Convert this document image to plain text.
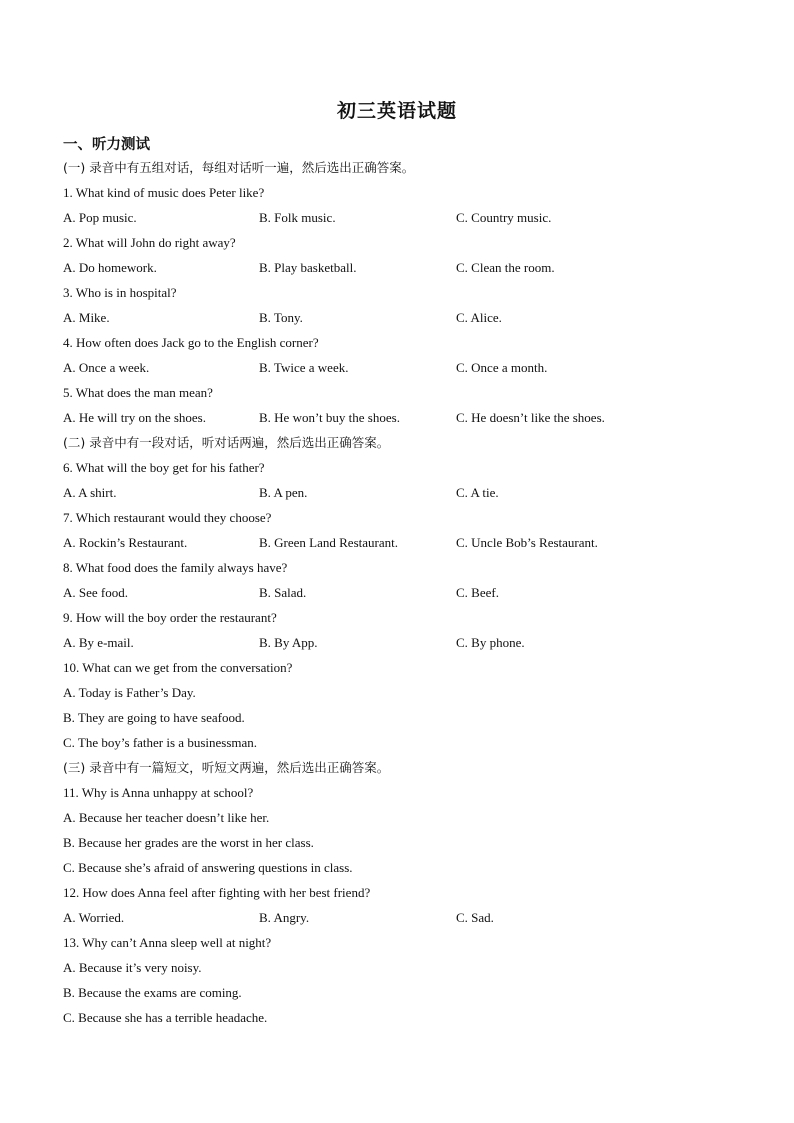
初三英语试题
一、听力测试
(一) 录音中有五组对话，每组对话听一遍，然后选出正确答案。
1. What kind of music does Peter like?
A. Pop music.	B. Folk music.	C. Country music.
2. What will John do right away?
A. Do homework.	B. Play basketball.	C. Clean the room.
3. Who is in hospital?
A. Mike.	B. Tony.	C. Alice.
4. How often does Jack go to the English corner?
A. Once a week.	B. Twice a week.	C. Once a month.
5. What does the man mean?
A. He will try on the shoes.	B. He won’t buy the shoes.	C. He doesn’t like the shoes.
(二) 录音中有一段对话，听对话两遍，然后选出正确答案。
6. What will the boy get for his father?
A. A shirt.	B. A pen.	C. A tie.
7. Which restaurant would they choose?
A. Rockin’s Restaurant.	B. Green Land Restaurant.	C. Uncle Bob’s Restaurant.
8. What food does the family always have?
A. See food.	B. Salad.	C. Beef.
9. How will the boy order the restaurant?
A. By e-mail.	B. By App.	C. By phone.
10. What can we get from the conversation?
A. Today is Father’s Day.
B. They are going to have seafood.
C. The boy’s father is a businessman.
(三) 录音中有一篇短文，听短文两遍，然后选出正确答案。
11. Why is Anna unhappy at school?
A. Because her teacher doesn’t like her.
B. Because her grades are the worst in her class.
C. Because she’s afraid of answering questions in class.
12. How does Anna feel after fighting with her best friend?
A. Worried.	B. Angry.	C. Sad.
13. Why can’t Anna sleep well at night?
A. Because it’s very noisy.
B. Because the exams are coming.
C. Because she has a terrible headache.
